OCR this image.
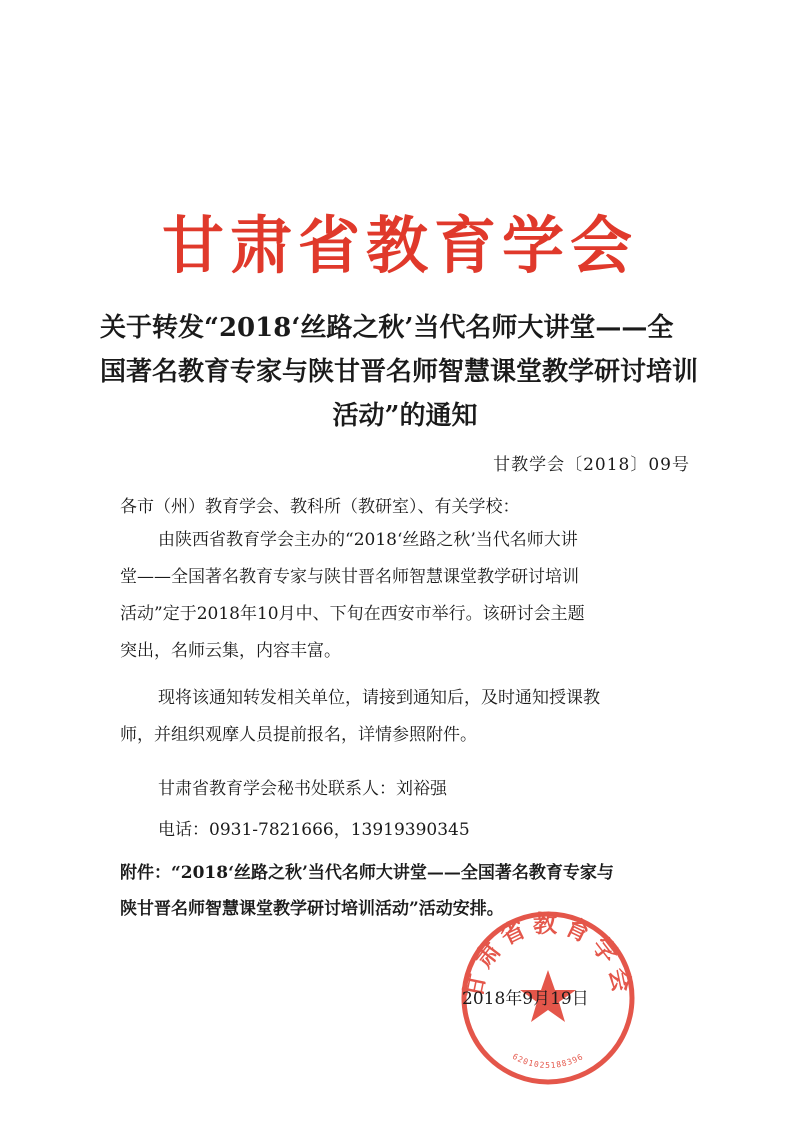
甘肃省教育学会
关于转发“2018‘丝路之秋’当代名师大讲堂——全
国著名教育专家与陕甘晋名师智慧课堂教学研讨培训
活动”的通知
甘教学会〔2018〕09号
各市（州）教育学会、教科所（教研室）、有关学校：
由陕西省教育学会主办的“2018‘丝路之秋’当代名师大讲
堂——全国著名教育专家与陕甘晋名师智慧课堂教学研讨培训
活动”定于2018年10月中、下旬在西安市举行。该研讨会主题
突出，名师云集，内容丰富。
现将该通知转发相关单位，请接到通知后，及时通知授课教
师，并组织观摩人员提前报名，详情参照附件。
甘肃省教育学会秘书处联系人：刘裕强
电话：0931-7821666，13919390345
附件：“2018‘丝路之秋’当代名师大讲堂——全国著名教育专家与
陕甘晋名师智慧课堂教学研讨培训活动”活动安排。
甘肃省教育学会
6201025188396
2018年9月19日
